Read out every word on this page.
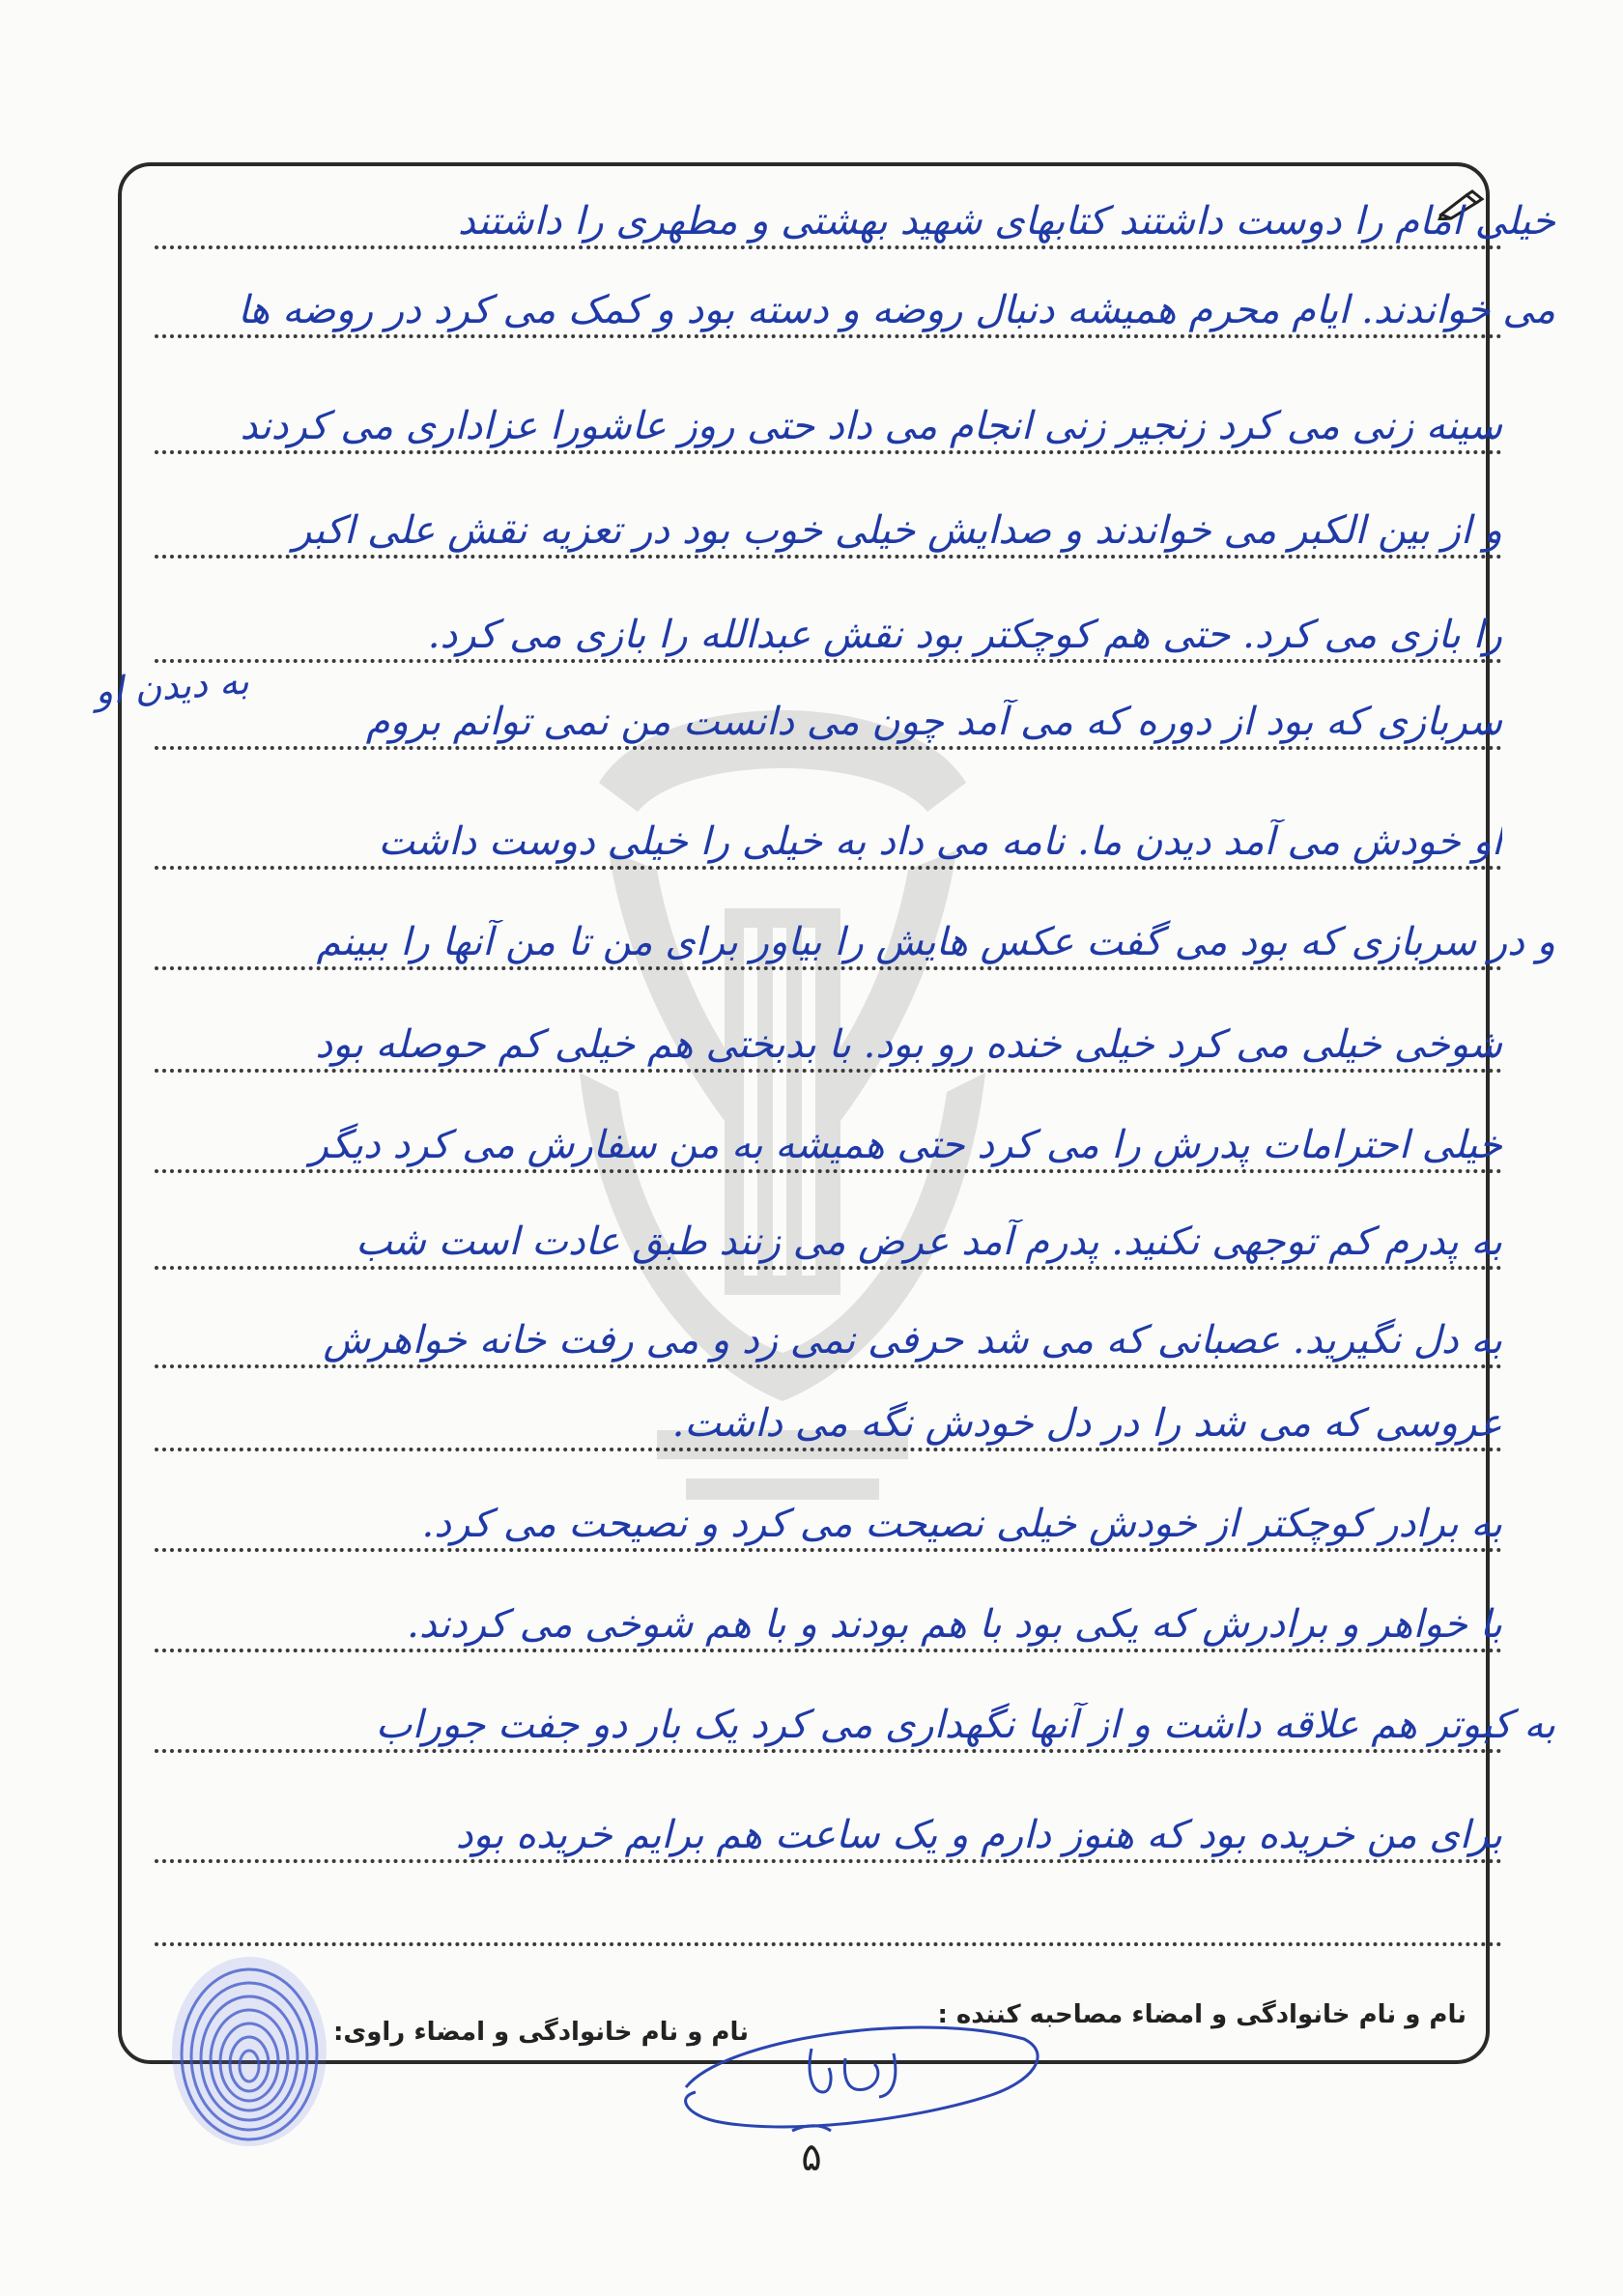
خیلی امام را دوست داشتند کتابهای شهید بهشتی و مطهری را داشتند
می خواندند. ایام محرم همیشه دنبال روضه و دسته بود و کمک می کرد در روضه ها
سینه زنی می کرد زنجیر زنی انجام می داد حتی روز عاشورا عزاداری می کردند
و از بین الکبر می خواندند و صدایش خیلی خوب بود در تعزیه نقش علی اکبر
را بازی می کرد. حتی هم کوچکتر بود نقش عبدالله را بازی می کرد.
سربازی که بود از دوره که می آمد چون می دانست من نمی توانم بروم
او خودش می آمد دیدن ما. نامه می داد به خیلی را خیلی دوست داشت
و در سربازی که بود می گفت عکس هایش را بیاور برای من تا من آنها را ببینم
شوخی خیلی می کرد خیلی خنده رو بود. با بدبختی هم خیلی کم حوصله بود
خیلی احترامات پدرش را می کرد حتی همیشه به من سفارش می کرد دیگر
به پدرم کم توجهی نکنید. پدرم آمد عرض می زنند طبق عادت است شب
به دل نگیرید. عصبانی که می شد حرفی نمی زد و می رفت خانه خواهرش
عروسی که می شد را در دل خودش نگه می داشت.
به برادر کوچکتر از خودش خیلی نصیحت می کرد و نصیحت می کرد.
با خواهر و برادرش که یکی بود با هم بودند و با هم شوخی می کردند.
به کبوتر هم علاقه داشت و از آنها نگهداری می کرد یک بار دو جفت جوراب
برای من خریده بود که هنوز دارم و یک ساعت هم برایم خریده بود
به دیدن او
نام و نام خانوادگی و امضاء مصاحبه کننده :
نام و نام خانوادگی و امضاء راوی:
۵
